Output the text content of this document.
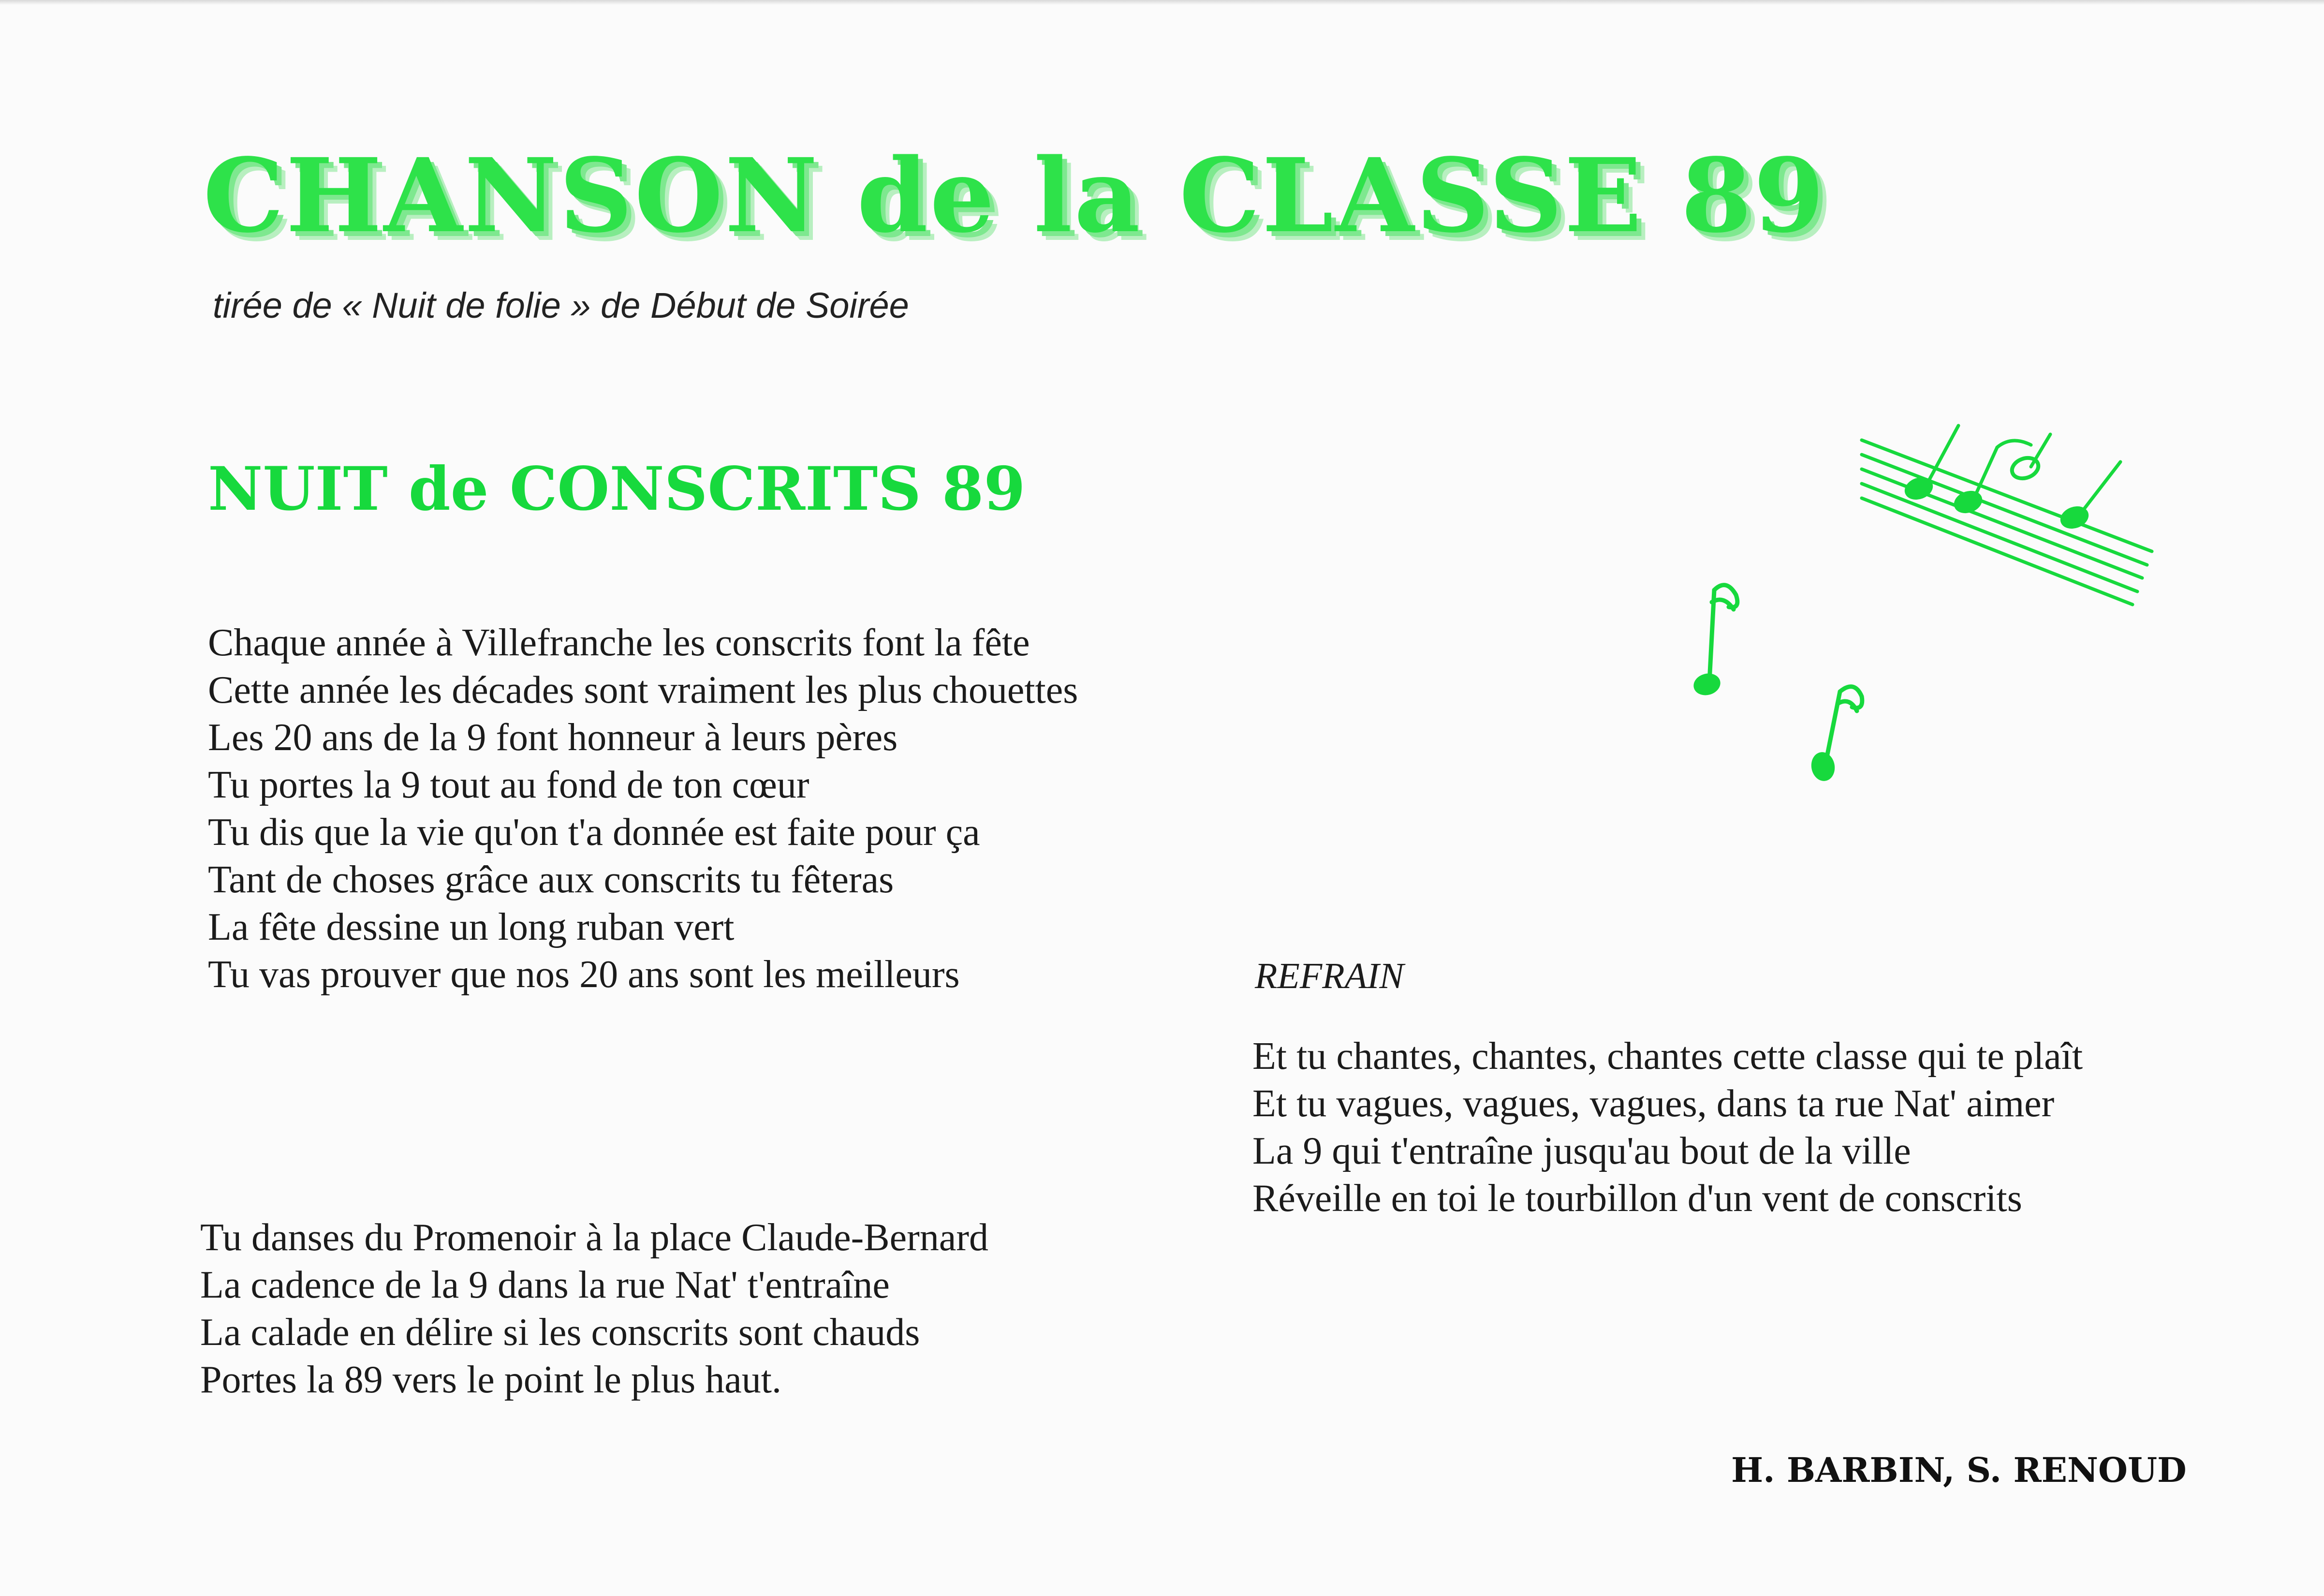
CHANSON de la CLASSE 89

tirée de « Nuit de folie » de Début de Soirée

NUIT de CONSCRITS 89
Chaque année à Villefranche les conscrits font la fête
Cette année les décades sont vraiment les plus chouettes
Les 20 ans de la 9 font honneur à leurs pères
Tu portes la 9 tout au fond de ton cœur
Tu dis que la vie qu'on t'a donnée est faite pour ça
Tant de choses grâce aux conscrits tu fêteras
La fête dessine un long ruban vert
Tu vas prouver que nos 20 ans sont les meilleurs	REFRAIN

Et tu chantes, chantes, chantes cette classe qui te plaît
Et tu vagues, vagues, vagues, dans ta rue Nat' aimer
La 9 qui t'entraîne jusqu'au bout de la ville
Réveille en toi le tourbillon d'un vent de conscrits
Tu danses du Promenoir à la place Claude-Bernard
La cadence de la 9 dans la rue Nat' t'entraîne
La calade en délire si les conscrits sont chauds
Portes la 89 vers le point le plus haut.

H. BARBIN, S. RENOUD
